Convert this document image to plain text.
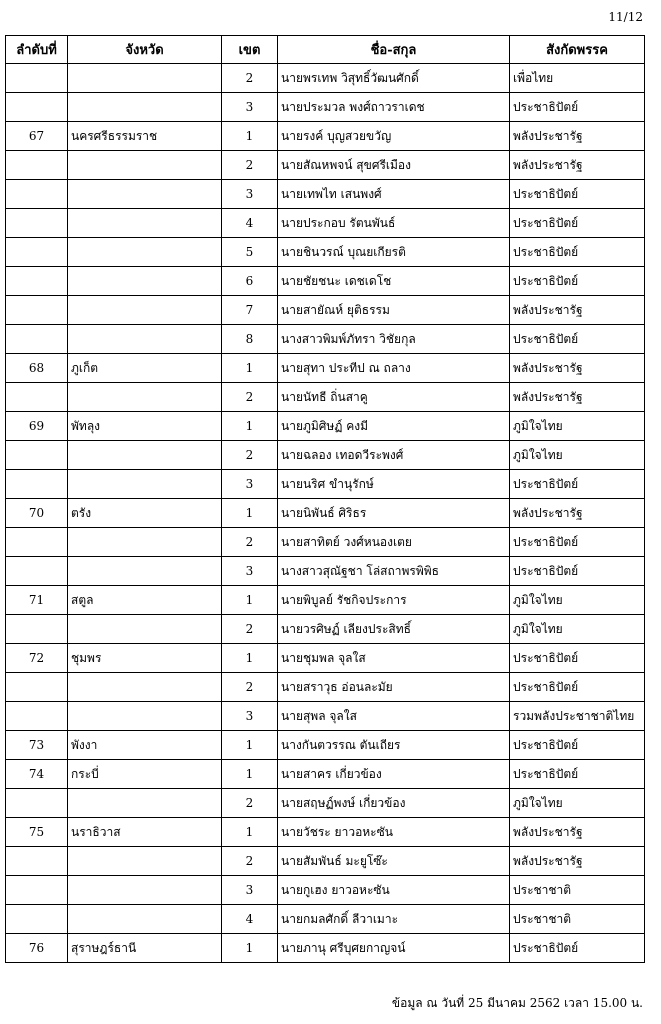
11/12
ลำดับที่	จังหวัด	เขต	ชื่อ-สกุล	สังกัดพรรค
		2	นายพรเทพ วิสุทธิ์วัฒนศักดิ์	เพื่อไทย
		3	นายประมวล พงศ์ถาวราเดช	ประชาธิปัตย์
67	นครศรีธรรมราช	1	นายรงค์ บุญสวยขวัญ	พลังประชารัฐ
		2	นายสัณหพจน์ สุขศรีเมือง	พลังประชารัฐ
		3	นายเทพไท เสนพงศ์	ประชาธิปัตย์
		4	นายประกอบ รัตนพันธ์	ประชาธิปัตย์
		5	นายชินวรณ์ บุณยเกียรติ	ประชาธิปัตย์
		6	นายชัยชนะ เดชเดโช	ประชาธิปัตย์
		7	นายสายัณห์ ยุติธรรม	พลังประชารัฐ
		8	นางสาวพิมพ์ภัทรา วิชัยกุล	ประชาธิปัตย์
68	ภูเก็ต	1	นายสุทา ประทีป ณ ถลาง	พลังประชารัฐ
		2	นายนัทธี ถิ่นสาคู	พลังประชารัฐ
69	พัทลุง	1	นายภูมิศิษฏ์ คงมี	ภูมิใจไทย
		2	นายฉลอง เทอดวีระพงศ์	ภูมิใจไทย
		3	นายนริศ ขำนุรักษ์	ประชาธิปัตย์
70	ตรัง	1	นายนิพันธ์ ศิริธร	พลังประชารัฐ
		2	นายสาทิตย์ วงศ์หนองเตย	ประชาธิปัตย์
		3	นางสาวสุณัฐชา โล่สถาพรพิพิธ	ประชาธิปัตย์
71	สตูล	1	นายพิบูลย์ รัชกิจประการ	ภูมิใจไทย
		2	นายวรศิษฏ์ เลียงประสิทธิ์	ภูมิใจไทย
72	ชุมพร	1	นายชุมพล จุลใส	ประชาธิปัตย์
		2	นายสราวุธ อ่อนละมัย	ประชาธิปัตย์
		3	นายสุพล จุลใส	รวมพลังประชาชาติไทย
73	พังงา	1	นางกันตวรรณ ตันเถียร	ประชาธิปัตย์
74	กระบี่	1	นายสาคร เกี่ยวข้อง	ประชาธิปัตย์
		2	นายสฤษฏ์พงษ์ เกี่ยวข้อง	ภูมิใจไทย
75	นราธิวาส	1	นายวัชระ ยาวอหะซัน	พลังประชารัฐ
		2	นายสัมพันธ์ มะยูโซ๊ะ	พลังประชารัฐ
		3	นายกูเฮง ยาวอหะซัน	ประชาชาติ
		4	นายกมลศักดิ์ ลีวาเมาะ	ประชาชาติ
76	สุราษฎร์ธานี	1	นายภานุ ศรีบุศยกาญจน์	ประชาธิปัตย์
ข้อมูล ณ วันที่ 25 มีนาคม 2562 เวลา 15.00 น.
